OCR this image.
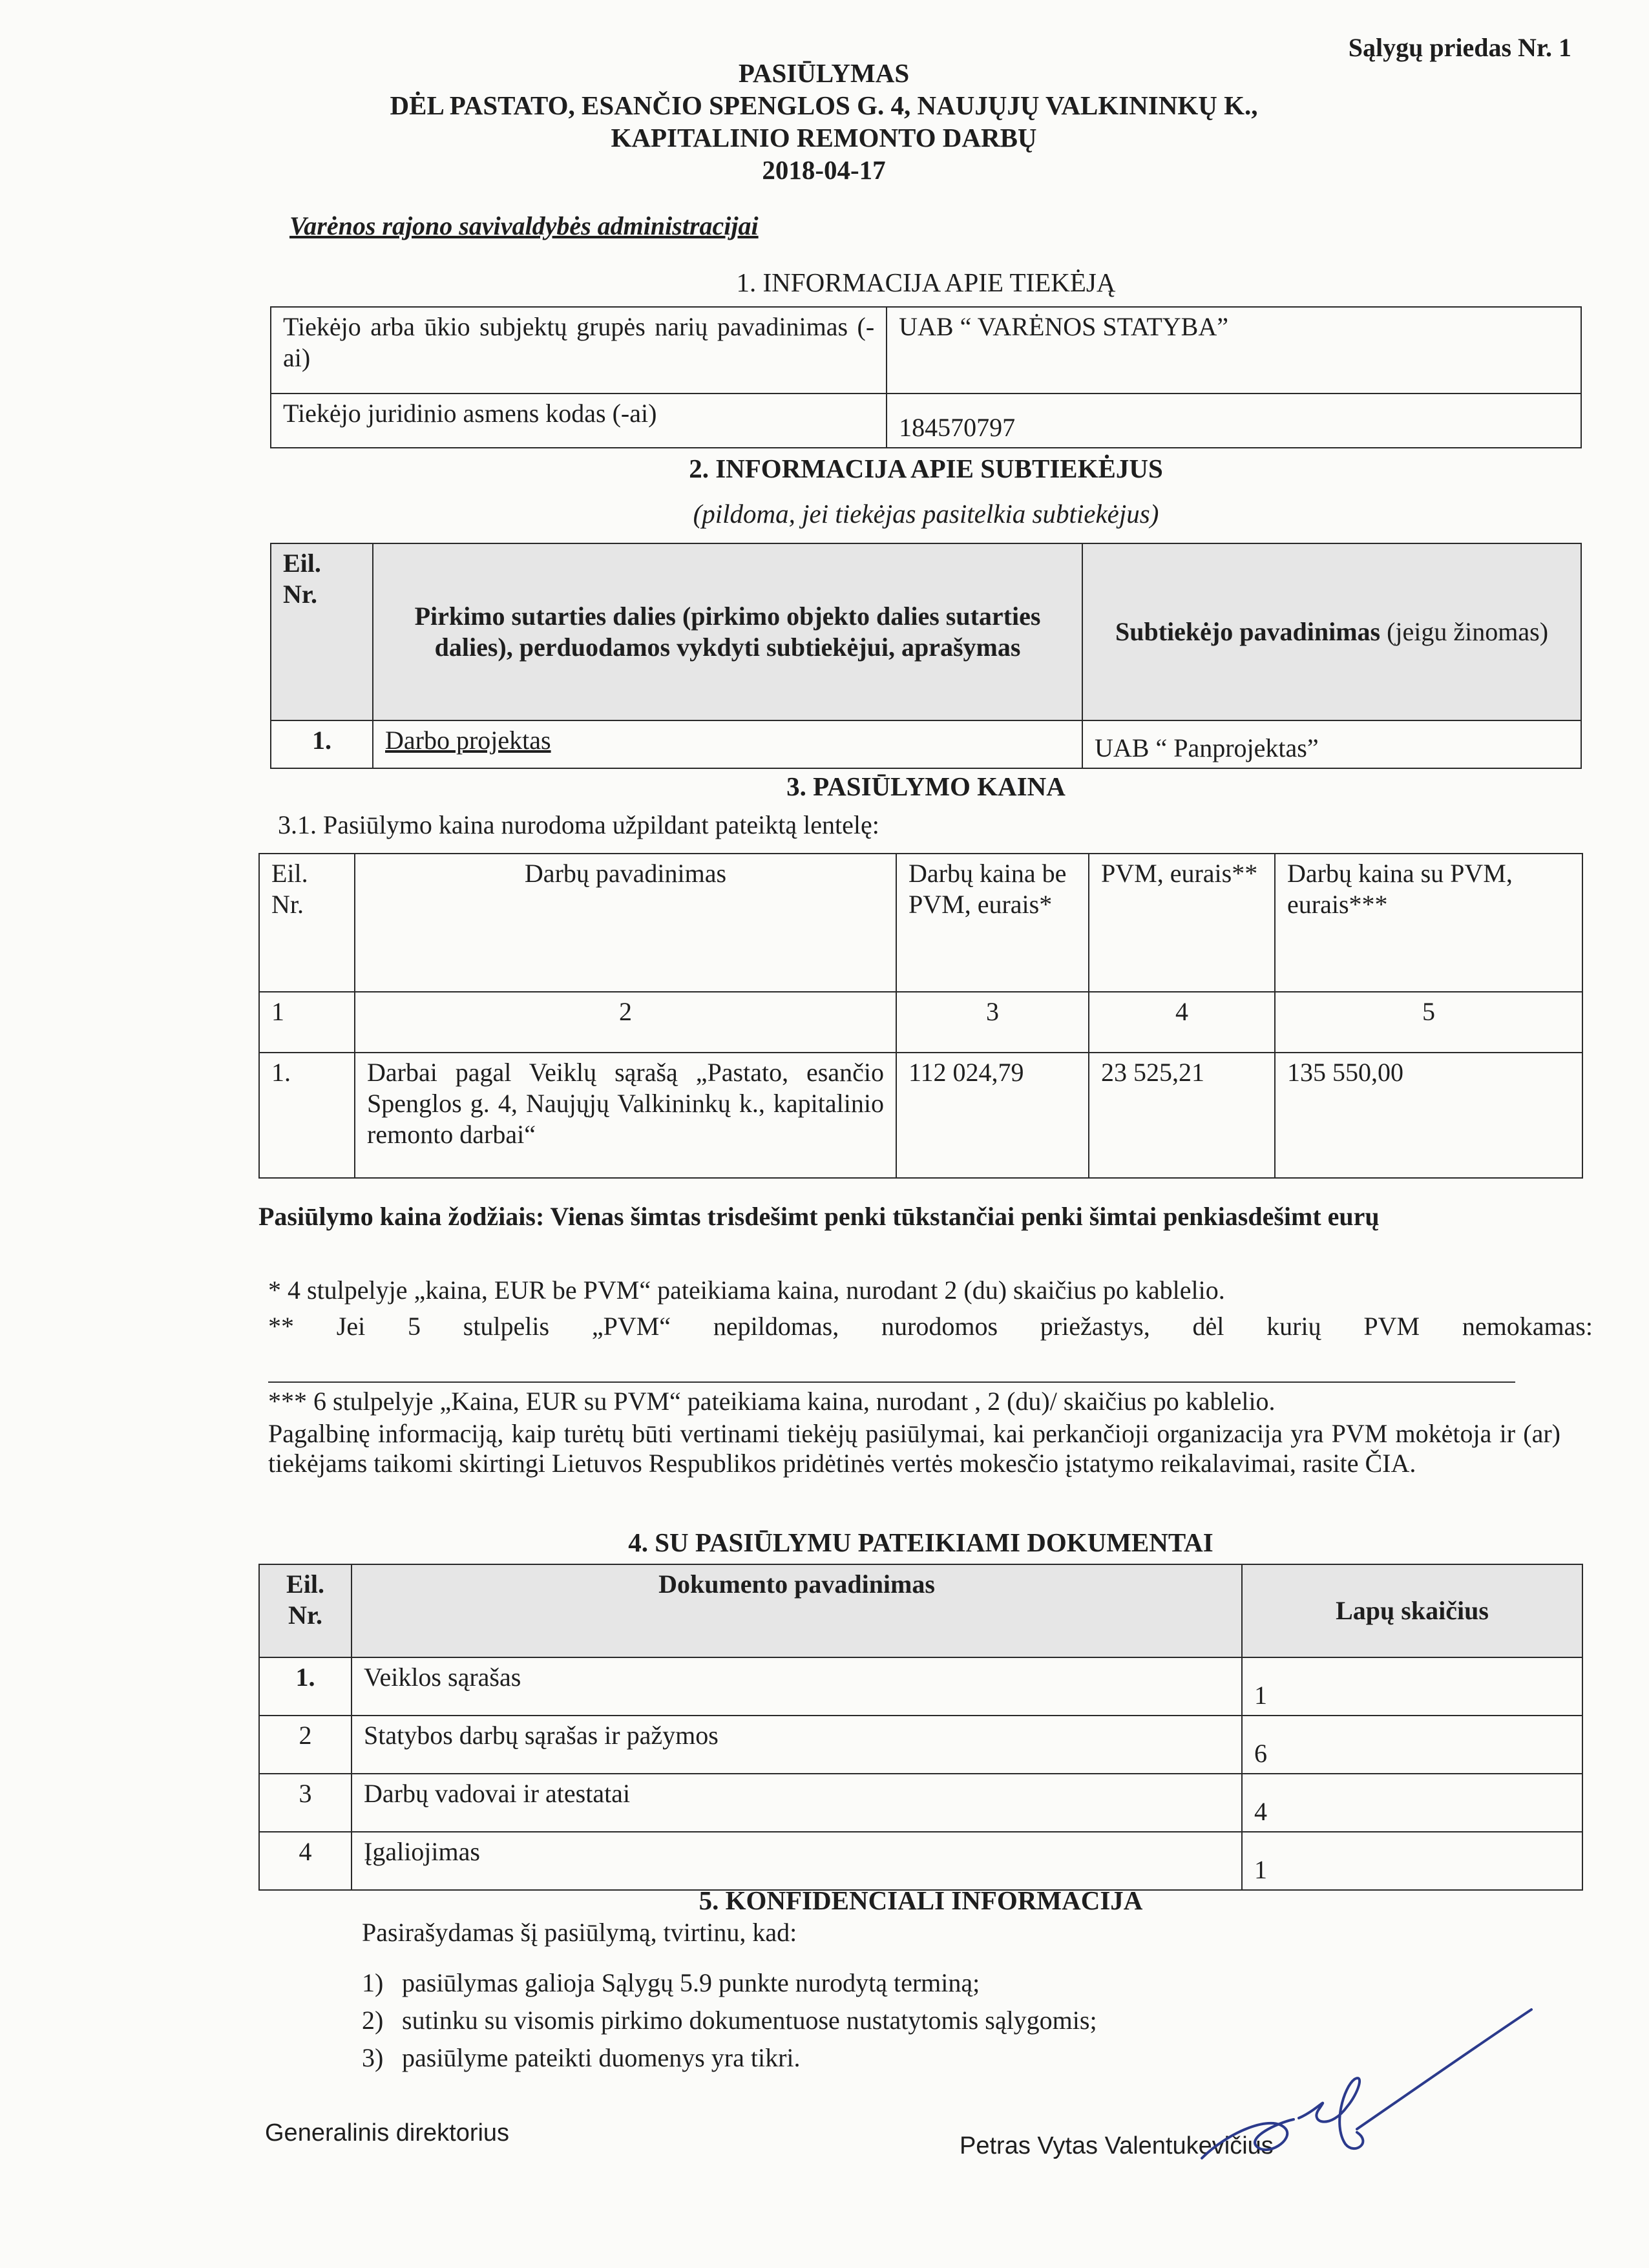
Sąlygų priedas Nr. 1
PASIŪLYMAS
DĖL PASTATO, ESANČIO SPENGLOS G. 4, NAUJŲJŲ VALKININKŲ K.,
KAPITALINIO REMONTO DARBŲ
2018-04-17
Varėnos rajono savivaldybės administracijai
1. INFORMACIJA APIE TIEKĖJĄ
Tiekėjo arba ūkio subjektų grupės narių pavadinimas (-ai)	UAB “ VARĖNOS STATYBA”
Tiekėjo juridinio asmens kodas (-ai)	184570797
2. INFORMACIJA APIE SUBTIEKĖJUS
(pildoma, jei tiekėjas pasitelkia subtiekėjus)
Eil. Nr.	Pirkimo sutarties dalies (pirkimo objekto dalies sutarties dalies), perduodamos vykdyti subtiekėjui, aprašymas	Subtiekėjo pavadinimas (jeigu žinomas)
1.	Darbo projektas	UAB “ Panprojektas”
3. PASIŪLYMO KAINA
3.1. Pasiūlymo kaina nurodoma užpildant pateiktą lentelę:
Eil. Nr.	Darbų pavadinimas	Darbų kaina be PVM, eurais*	PVM, eurais**	Darbų kaina su PVM, eurais***
1	2	3	4	5
1.	Darbai pagal Veiklų sąrašą „Pastato, esančio Spenglos g. 4, Naujųjų Valkininkų k., kapitalinio remonto darbai“	112 024,79	23 525,21	135 550,00
Pasiūlymo kaina žodžiais: Vienas šimtas trisdešimt penki tūkstančiai penki šimtai penkiasdešimt eurų
* 4 stulpelyje „kaina, EUR be PVM“ pateikiama kaina, nurodant 2 (du) skaičius po kablelio.
** Jei 5 stulpelis „PVM“ nepildomas, nurodomos priežastys, dėl kurių PVM nemokamas:
*** 6 stulpelyje „Kaina, EUR su PVM“ pateikiama kaina, nurodant , 2 (du)/ skaičius po kablelio.
Pagalbinę informaciją, kaip turėtų būti vertinami tiekėjų pasiūlymai, kai perkančioji organizacija yra PVM mokėtoja ir (ar) tiekėjams taikomi skirtingi Lietuvos Respublikos pridėtinės vertės mokesčio įstatymo reikalavimai, rasite ČIA.
4. SU PASIŪLYMU PATEIKIAMI DOKUMENTAI
Eil. Nr.	Dokumento pavadinimas	Lapų skaičius
1.	Veiklos sąrašas	1
2	Statybos darbų sąrašas ir pažymos	6
3	Darbų vadovai ir atestatai	4
4	Įgaliojimas	1
5. KONFIDENCIALI INFORMACIJA
Pasirašydamas šį pasiūlymą, tvirtinu, kad:
1) pasiūlymas galioja Sąlygų 5.9 punkte nurodytą terminą;
2) sutinku su visomis pirkimo dokumentuose nustatytomis sąlygomis;
3) pasiūlyme pateikti duomenys yra tikri.
Generalinis direktorius	Petras Vytas Valentukevičius
